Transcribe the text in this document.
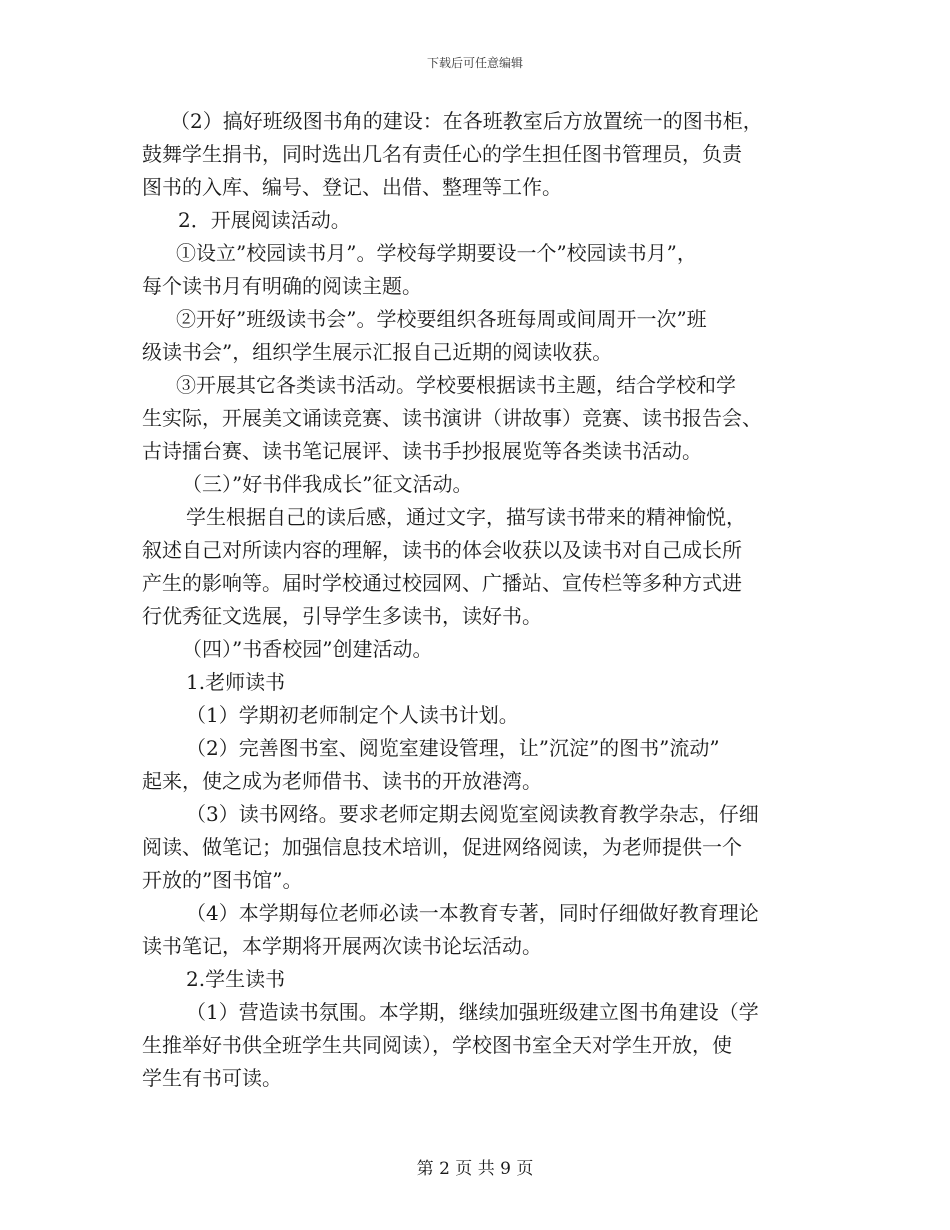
下载后可任意编辑
（2）搞好班级图书角的建设：在各班教室后方放置统一的图书柜，
鼓舞学生捐书，同时选出几名有责任心的学生担任图书管理员，负责
图书的入库、编号、登记、出借、整理等工作。
2．开展阅读活动。
①设立”校园读书月”。学校每学期要设一个”校园读书月”，
每个读书月有明确的阅读主题。
②开好”班级读书会”。学校要组织各班每周或间周开一次”班
级读书会”，组织学生展示汇报自己近期的阅读收获。
③开展其它各类读书活动。学校要根据读书主题，结合学校和学
生实际，开展美文诵读竞赛、读书演讲（讲故事）竞赛、读书报告会、
古诗擂台赛、读书笔记展评、读书手抄报展览等各类读书活动。
（三）”好书伴我成长”征文活动。
学生根据自己的读后感，通过文字，描写读书带来的精神愉悦，
叙述自己对所读内容的理解，读书的体会收获以及读书对自己成长所
产生的影响等。届时学校通过校园网、广播站、宣传栏等多种方式进
行优秀征文选展，引导学生多读书，读好书。
（四）”书香校园”创建活动。
1.老师读书
（1）学期初老师制定个人读书计划。
（2）完善图书室、阅览室建设管理，让”沉淀”的图书”流动”
起来，使之成为老师借书、读书的开放港湾。
（3）读书网络。要求老师定期去阅览室阅读教育教学杂志，仔细
阅读、做笔记；加强信息技术培训，促进网络阅读，为老师提供一个
开放的”图书馆”。
（4）本学期每位老师必读一本教育专著，同时仔细做好教育理论
读书笔记，本学期将开展两次读书论坛活动。
2.学生读书
（1）营造读书氛围。本学期，继续加强班级建立图书角建设（学
生推举好书供全班学生共同阅读），学校图书室全天对学生开放，使
学生有书可读。
第 2 页 共 9 页
